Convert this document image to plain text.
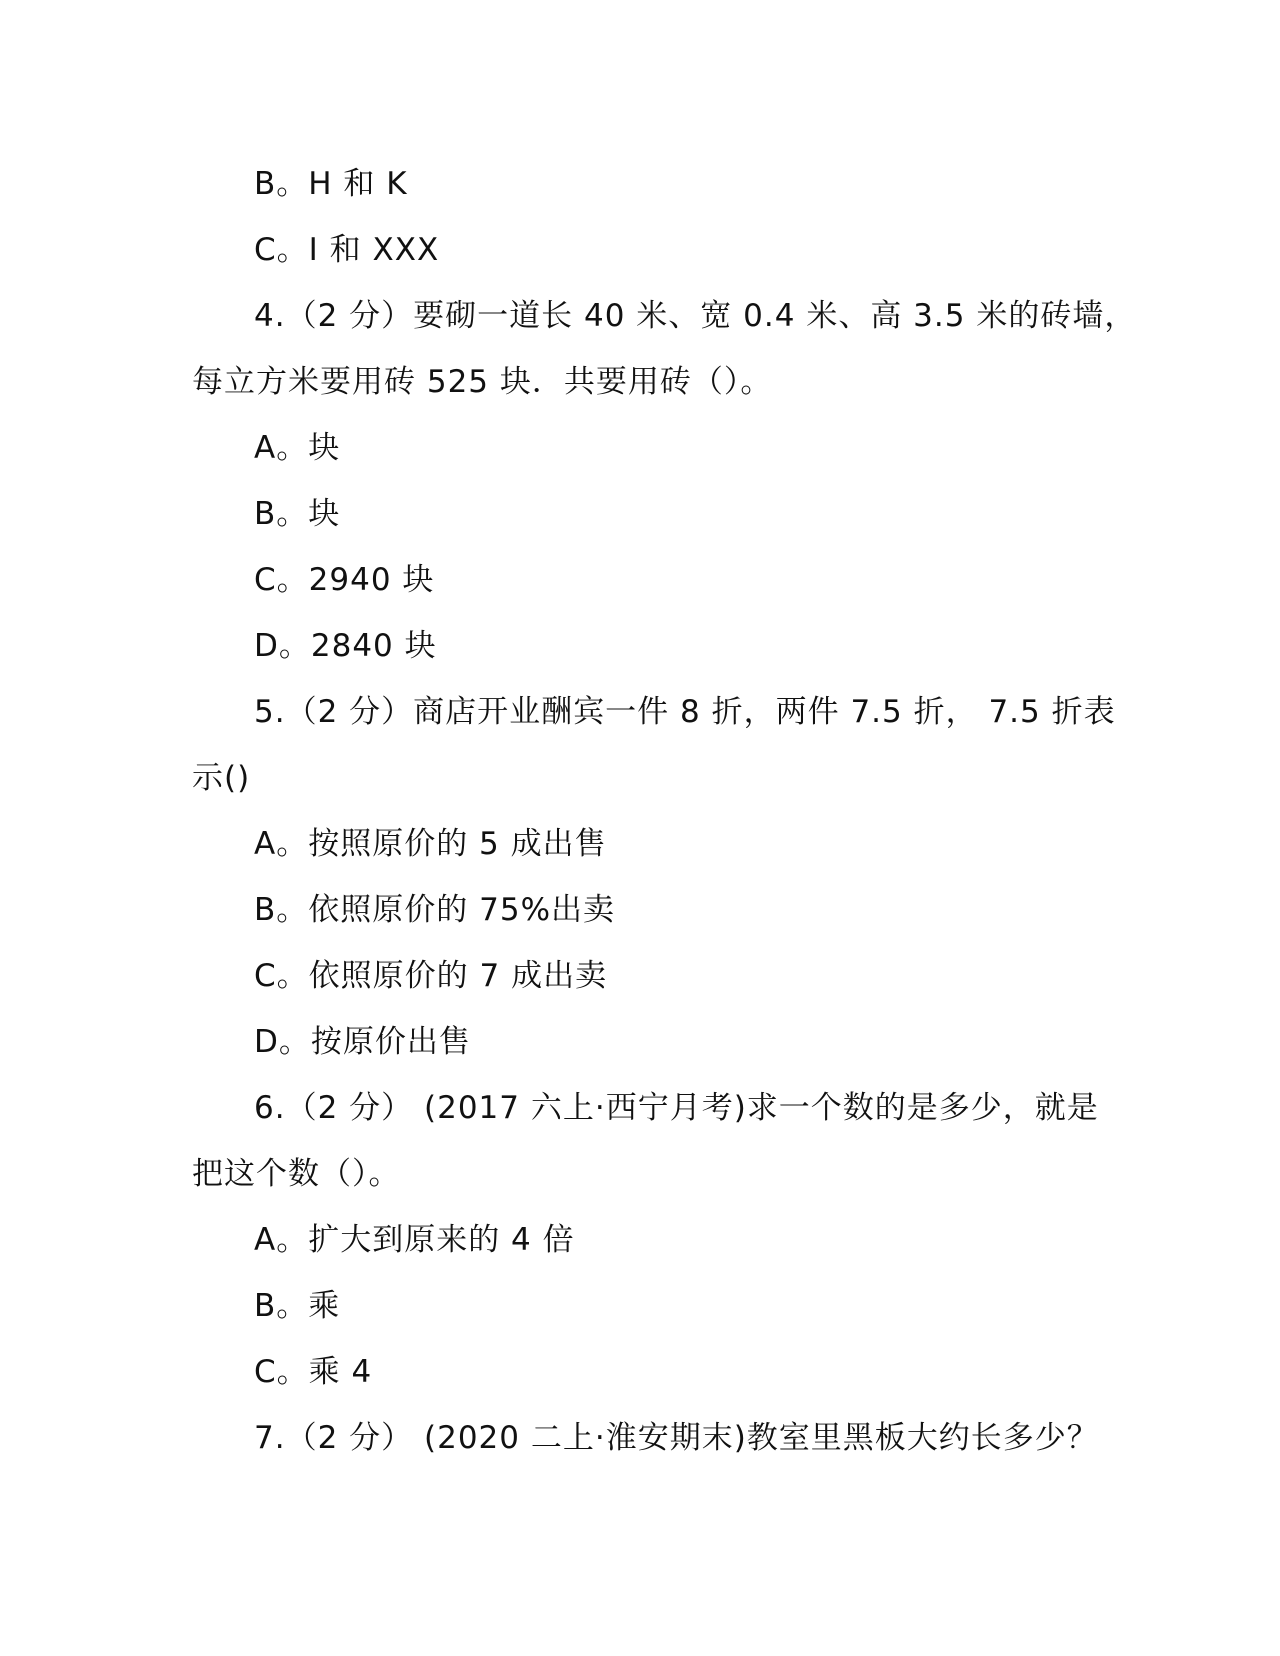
B。H 和 K
C。I 和 XXX
4.（2 分）要砌一道长 40 米、宽 0.4 米、高 3.5 米的砖墙，
每立方米要用砖 525 块．共要用砖（）。
A。块
B。块
C。2940 块
D。2840 块
5.（2 分）商店开业酬宾一件 8 折，两件 7.5 折， 7.5 折表
示()
A。按照原价的 5 成出售
B。依照原价的 75%出卖
C。依照原价的 7 成出卖
D。按原价出售
6.（2 分） (2017 六上·西宁月考)求一个数的是多少，就是
把这个数（）。
A。扩大到原来的 4 倍
B。乘
C。乘 4
7.（2 分） (2020 二上·淮安期末)教室里黑板大约长多少？
